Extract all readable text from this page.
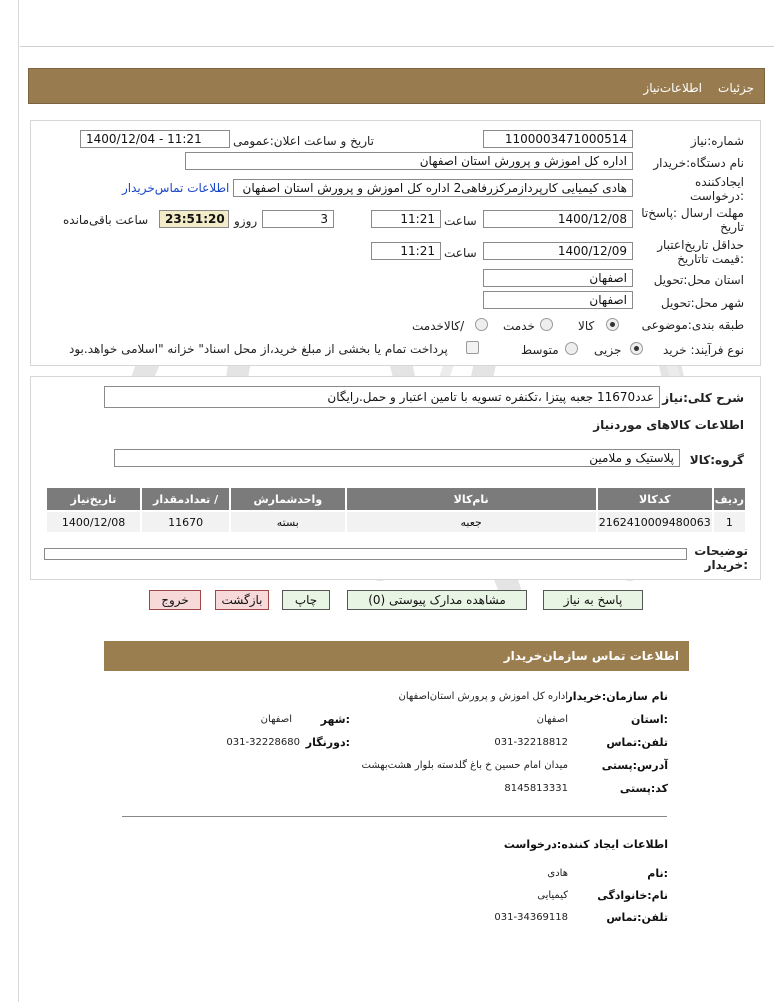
جزئیات
اطلاعات‌نیاز
شماره:نیاز
1100003471000514
تاریخ و ساعت اعلان:عمومی
1400/12/04 - 11:21
نام دستگاه:خریدار
اداره کل اموزش و پرورش استان اصفهان
ایجادکننده
:درخواست
هادی کیمیایی کارپردازمرکزرفاهی2 اداره کل اموزش و پرورش استان اصفهان
اطلاعات تماس‌خریدار
مهلت ارسال :پاسخ‌تا
تاریخ
1400/12/08
ساعت
11:21
3
روزو
23:51:20
ساعت باقی‌مانده
حداقل تاریخ‌اعتبار
:قیمت تا‌تاریخ
1400/12/09
ساعت
11:21
استان محل:تحویل
اصفهان
شهر محل:تحویل
اصفهان
طبقه بندی:موضوعی
کالا
خدمت
/کالاخدمت
نوع فرآیند: خرید
جزیی
متوسط
پرداخت تمام یا بخشی از مبلغ خرید،از محل اسناد" خزانه "اسلامی خواهد.بود
شرح کلی:نیاز
عدد11670 جعبه پیتزا ،تکنفره تسویه با تامین اعتبار و حمل.رایگان
اطلاعات کالاهای موردنیاز
گروه:کالا
پلاستیک و ملامین
ردیف	کدکالا	نام‌کالا	واحدشمارش	/ تعدادمقدار	تاریخ‌نیاز
1	2162410009480063	جعبه	بسته	11670	1400/12/08
توضیحات
:خریدار
پاسخ به نیاز
مشاهده مدارک پیوستی (0)
چاپ
بازگشت
خروج
اطلاعات تماس سازمان‌خریدار
نام سازمان:خریدار
اداره کل اموزش و پرورش استان‌اصفهان
:استان
اصفهان
:شهر
اصفهان
تلفن:تماس
031-32218812
:دورنگار
031-32228680
آدرس:پستی
میدان امام حسین خ باغ گلدسته بلوار هشت‌بهشت
کد:پستی
8145813331
اطلاعات ایجاد کننده:درخواست
:نام
هادی
نام:خانوادگی
کیمیایی
تلفن:تماس
031-34369118
